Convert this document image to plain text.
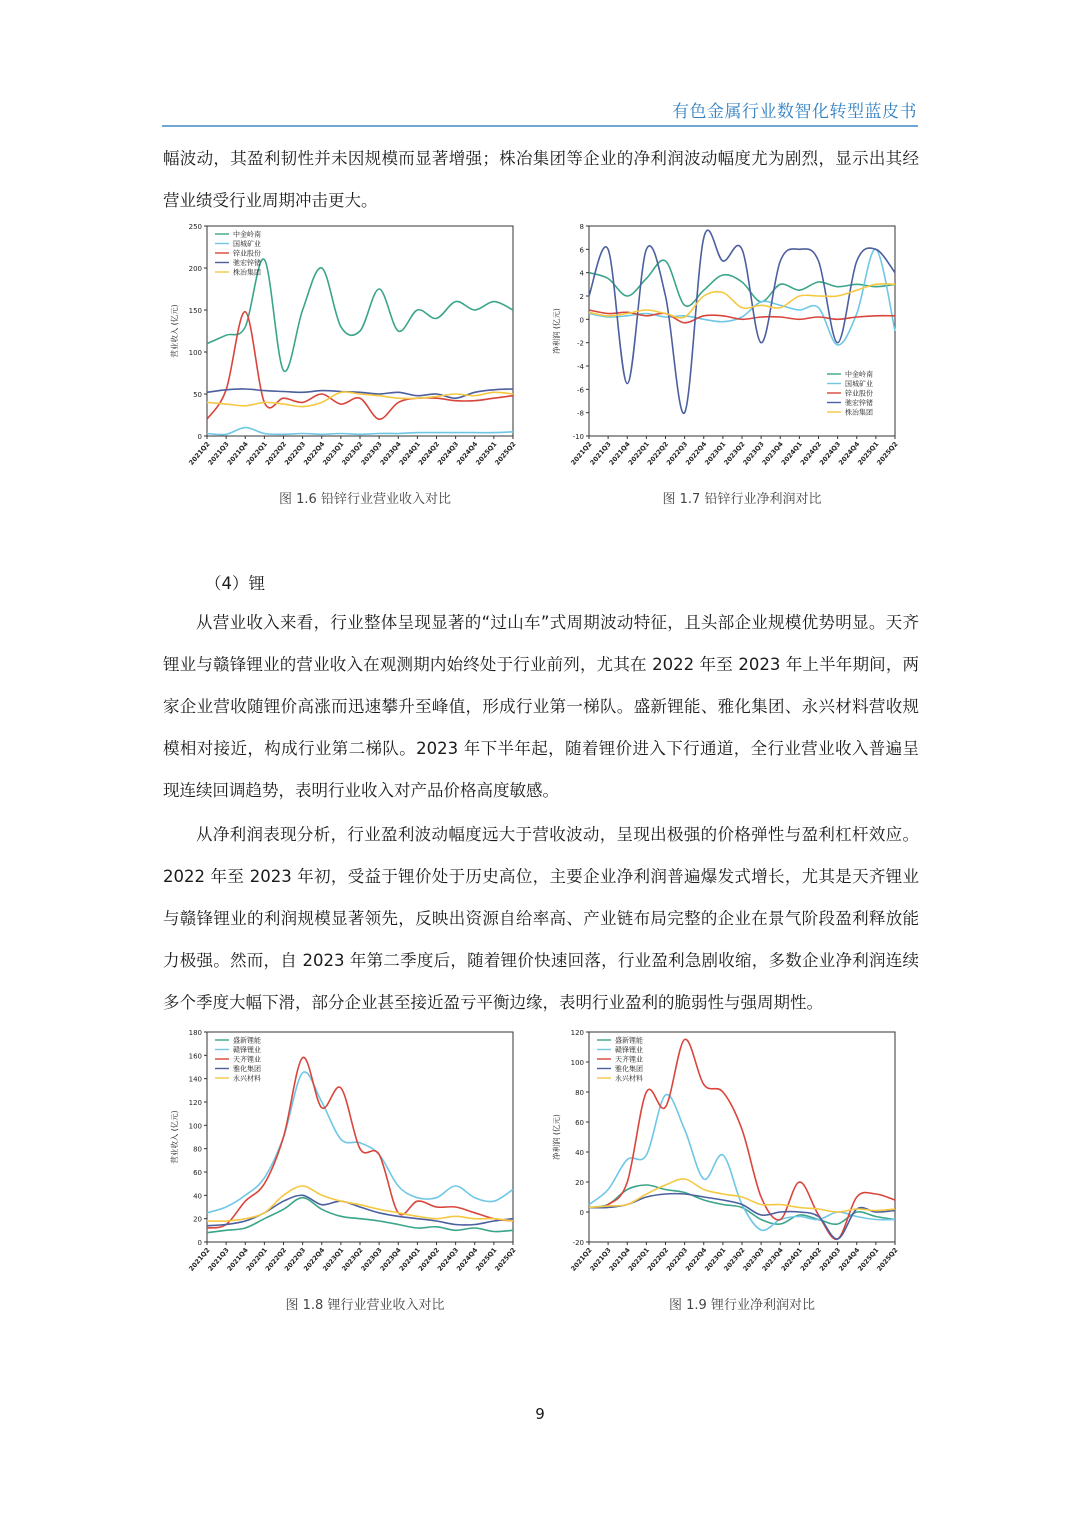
有色金属行业数智化转型蓝皮书

幅波动，其盈利韧性并未因规模而显著增强；株冶集团等企业的净利润波动幅度尤为剧烈，显示出其经营业绩受行业周期冲击更大。

0
50
100
150
200
250
2021Q2
2021Q3
2021Q4
2022Q1
2022Q2
2022Q3
2022Q4
2023Q1
2023Q2
2023Q3
2023Q4
2024Q1
2024Q2
2024Q3
2024Q4
2025Q1
2025Q2
营业收入 (亿元)
中金岭南
国城矿业
锌业股份
驰宏锌锗
株冶集团
-10
-8
-6
-4
-2
0
2
4
6
8
2021Q2
2021Q3
2021Q4
2022Q1
2022Q2
2022Q3
2022Q4
2023Q1
2023Q2
2023Q3
2023Q4
2024Q1
2024Q2
2024Q3
2024Q4
2025Q1
2025Q2
净利润 (亿元)
中金岭南
国城矿业
锌业股份
驰宏锌锗
株冶集团
图 1.6 铅锌行业营业收入对比	图 1.7 铅锌行业净利润对比
（4）锂

从营业收入来看，行业整体呈现显著的“过山车”式周期波动特征，且头部企业规模优势明显。天齐锂业与赣锋锂业的营业收入在观测期内始终处于行业前列，尤其在 2022 年至 2023 年上半年期间，两家企业营收随锂价高涨而迅速攀升至峰值，形成行业第一梯队。盛新锂能、雅化集团、永兴材料营收规模相对接近，构成行业第二梯队。2023 年下半年起，随着锂价进入下行通道，全行业营业收入普遍呈现连续回调趋势，表明行业收入对产品价格高度敏感。

从净利润表现分析，行业盈利波动幅度远大于营收波动，呈现出极强的价格弹性与盈利杠杆效应。2022 年至 2023 年初，受益于锂价处于历史高位，主要企业净利润普遍爆发式增长，尤其是天齐锂业与赣锋锂业的利润规模显著领先，反映出资源自给率高、产业链布局完整的企业在景气阶段盈利释放能力极强。然而，自 2023 年第二季度后，随着锂价快速回落，行业盈利急剧收缩，多数企业净利润连续多个季度大幅下滑，部分企业甚至接近盈亏平衡边缘，表明行业盈利的脆弱性与强周期性。

0
20
40
60
80
100
120
140
160
180
2021Q2
2021Q3
2021Q4
2022Q1
2022Q2
2022Q3
2022Q4
2023Q1
2023Q2
2023Q3
2023Q4
2024Q1
2024Q2
2024Q3
2024Q4
2025Q1
2025Q2
营业收入 (亿元)
盛新锂能
赣锋锂业
天齐锂业
雅化集团
永兴材料
-20
0
20
40
60
80
100
120
2021Q2
2021Q3
2021Q4
2022Q1
2022Q2
2022Q3
2022Q4
2023Q1
2023Q2
2023Q3
2023Q4
2024Q1
2024Q2
2024Q3
2024Q4
2025Q1
2025Q2
净利润 (亿元)
盛新锂能
赣锋锂业
天齐锂业
雅化集团
永兴材料
图 1.8 锂行业营业收入对比	图 1.9 锂行业净利润对比
9
